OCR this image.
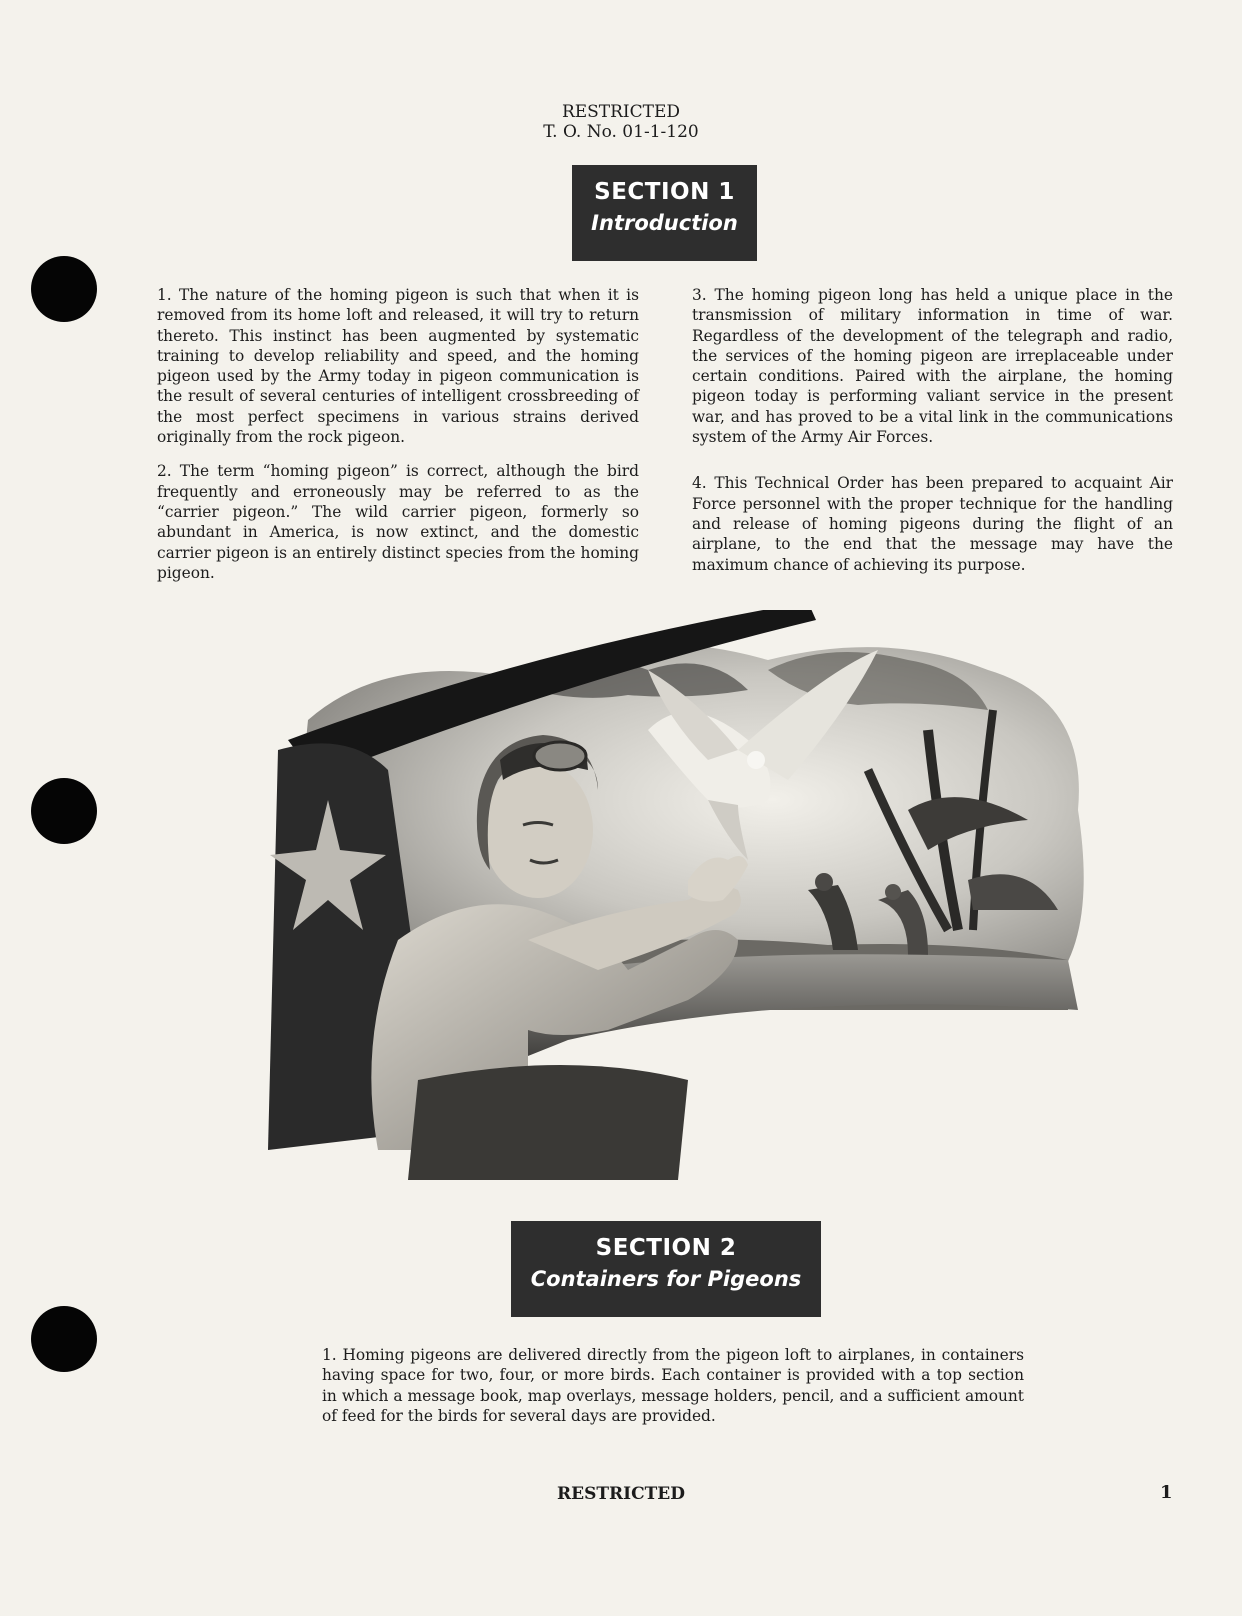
RESTRICTED
T. O. No. 01-1-120
SECTION 1
Introduction

1. The nature of the homing pigeon is such that when it is removed from its home loft and released, it will try to return thereto. This instinct has been augmented by systematic training to develop reliability and speed, and the homing pigeon used by the Army today in pigeon communication is the result of several centuries of intelligent crossbreeding of the most perfect specimens in various strains derived originally from the rock pigeon.

2. The term “homing pigeon” is correct, although the bird frequently and erroneously may be referred to as the “carrier pigeon.” The wild carrier pigeon, formerly so abundant in America, is now extinct, and the domestic carrier pigeon is an entirely distinct species from the homing pigeon.

3. The homing pigeon long has held a unique place in the transmission of military information in time of war. Regardless of the development of the telegraph and radio, the services of the homing pigeon are irreplaceable under certain conditions. Paired with the airplane, the homing pigeon today is performing valiant service in the present war, and has proved to be a vital link in the communications system of the Army Air Forces.

4. This Technical Order has been prepared to acquaint Air Force personnel with the proper technique for the handling and release of homing pigeons during the flight of an airplane, to the end that the message may have the maximum chance of achieving its purpose.

SECTION 2
Containers for Pigeons

1. Homing pigeons are delivered directly from the pigeon loft to airplanes, in containers having space for two, four, or more birds. Each container is provided with a top section in which a message book, map overlays, message holders, pencil, and a sufficient amount of feed for the birds for several days are provided.

RESTRICTED	1
